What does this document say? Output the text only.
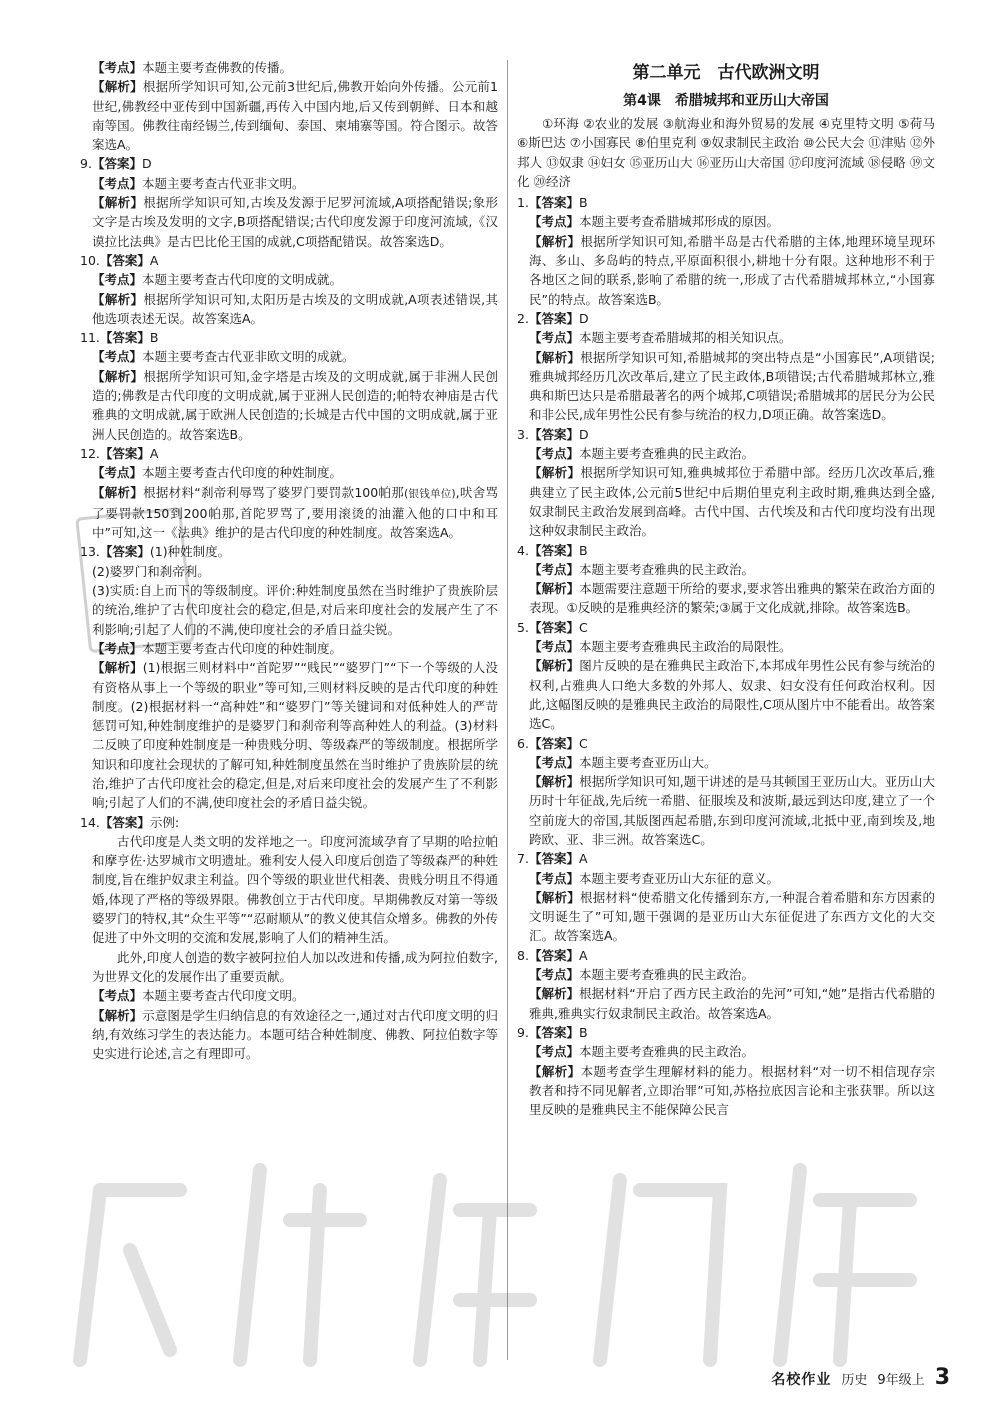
【考点】本题主要考查佛教的传播。

【解析】根据所学知识可知,公元前3世纪后,佛教开始向外传播。公元前1世纪,佛教经中亚传到中国新疆,再传入中国内地,后又传到朝鲜、日本和越南等国。佛教往南经锡兰,传到缅甸、泰国、柬埔寨等国。符合图示。故答案选A。

9.【答案】D

【考点】本题主要考查古代亚非文明。

【解析】根据所学知识可知,古埃及发源于尼罗河流域,A项搭配错误;象形文字是古埃及发明的文字,B项搭配错误;古代印度发源于印度河流域,《汉谟拉比法典》是古巴比伦王国的成就,C项搭配错误。故答案选D。

10.【答案】A

【考点】本题主要考查古代印度的文明成就。

【解析】根据所学知识可知,太阳历是古埃及的文明成就,A项表述错误,其他选项表述无误。故答案选A。

11.【答案】B

【考点】本题主要考查古代亚非欧文明的成就。

【解析】根据所学知识可知,金字塔是古埃及的文明成就,属于非洲人民创造的;佛教是古代印度的文明成就,属于亚洲人民创造的;帕特农神庙是古代雅典的文明成就,属于欧洲人民创造的;长城是古代中国的文明成就,属于亚洲人民创造的。故答案选B。

12.【答案】A

【考点】本题主要考查古代印度的种姓制度。

【解析】根据材料“刹帝利辱骂了婆罗门要罚款100帕那(银钱单位),吠舍骂了要罚款150到200帕那,首陀罗骂了,要用滚烫的油灌入他的口中和耳中”可知,这一《法典》维护的是古代印度的种姓制度。故答案选A。

13.【答案】(1)种姓制度。

(2)婆罗门和刹帝利。

(3)实质:自上而下的等级制度。评价:种姓制度虽然在当时维护了贵族阶层的统治,维护了古代印度社会的稳定,但是,对后来印度社会的发展产生了不利影响;引起了人们的不满,使印度社会的矛盾日益尖锐。

【考点】本题主要考查古代印度的种姓制度。

【解析】(1)根据三则材料中“首陀罗”“贱民”“婆罗门”“下一个等级的人没有资格从事上一个等级的职业”等可知,三则材料反映的是古代印度的种姓制度。(2)根据材料一“高种姓”和“婆罗门”等关键词和对低种姓人的严苛惩罚可知,种姓制度维护的是婆罗门和刹帝利等高种姓人的利益。(3)材料二反映了印度种姓制度是一种贵贱分明、等级森严的等级制度。根据所学知识和印度社会现状的了解可知,种姓制度虽然在当时维护了贵族阶层的统治,维护了古代印度社会的稳定,但是,对后来印度社会的发展产生了不利影响;引起了人们的不满,使印度社会的矛盾日益尖锐。

14.【答案】示例:

古代印度是人类文明的发祥地之一。印度河流域孕育了早期的哈拉帕和摩亨佐·达罗城市文明遗址。雅利安人侵入印度后创造了等级森严的种姓制度,旨在维护奴隶主利益。四个等级的职业世代相袭、贵贱分明且不得通婚,体现了严格的等级界限。佛教创立于古代印度。早期佛教反对第一等级婆罗门的特权,其“众生平等”“忍耐顺从”的教义使其信众增多。佛教的外传促进了中外文明的交流和发展,影响了人们的精神生活。

此外,印度人创造的数字被阿拉伯人加以改进和传播,成为阿拉伯数字,为世界文化的发展作出了重要贡献。

【考点】本题主要考查古代印度文明。

【解析】示意图是学生归纳信息的有效途径之一,通过对古代印度文明的归纳,有效练习学生的表达能力。本题可结合种姓制度、佛教、阿拉伯数字等史实进行论述,言之有理即可。

第二单元　古代欧洲文明
第4课　希腊城邦和亚历山大帝国

①环海 ②农业的发展 ③航海业和海外贸易的发展 ④克里特文明 ⑤荷马 ⑥斯巴达 ⑦小国寡民 ⑧伯里克利 ⑨奴隶制民主政治 ⑩公民大会 ⑪津贴 ⑫外邦人 ⑬奴隶 ⑭妇女 ⑮亚历山大 ⑯亚历山大帝国 ⑰印度河流域 ⑱侵略 ⑲文化 ⑳经济

1.【答案】B

【考点】本题主要考查希腊城邦形成的原因。

【解析】根据所学知识可知,希腊半岛是古代希腊的主体,地理环境呈现环海、多山、多岛屿的特点,平原面积很小,耕地十分有限。这种地形不利于各地区之间的联系,影响了希腊的统一,形成了古代希腊城邦林立,“小国寡民”的特点。故答案选B。

2.【答案】D

【考点】本题主要考查希腊城邦的相关知识点。

【解析】根据所学知识可知,希腊城邦的突出特点是“小国寡民”,A项错误;雅典城邦经历几次改革后,建立了民主政体,B项错误;古代希腊城邦林立,雅典和斯巴达只是希腊最著名的两个城邦,C项错误;希腊城邦的居民分为公民和非公民,成年男性公民有参与统治的权力,D项正确。故答案选D。

3.【答案】D

【考点】本题主要考查雅典的民主政治。

【解析】根据所学知识可知,雅典城邦位于希腊中部。经历几次改革后,雅典建立了民主政体,公元前5世纪中后期伯里克利主政时期,雅典达到全盛,奴隶制民主政治发展到高峰。古代中国、古代埃及和古代印度均没有出现这种奴隶制民主政治。

4.【答案】B

【考点】本题主要考查雅典的民主政治。

【解析】本题需要注意题干所给的要求,要求答出雅典的繁荣在政治方面的表现。①反映的是雅典经济的繁荣;③属于文化成就,排除。故答案选B。

5.【答案】C

【考点】本题主要考查雅典民主政治的局限性。

【解析】图片反映的是在雅典民主政治下,本邦成年男性公民有参与统治的权利,占雅典人口绝大多数的外邦人、奴隶、妇女没有任何政治权利。因此,这幅图反映的是雅典民主政治的局限性,C项从图片中不能看出。故答案选C。

6.【答案】C

【考点】本题主要考查亚历山大。

【解析】根据所学知识可知,题干讲述的是马其顿国王亚历山大。亚历山大历时十年征战,先后统一希腊、征服埃及和波斯,最远到达印度,建立了一个空前庞大的帝国,其版图西起希腊,东到印度河流域,北抵中亚,南到埃及,地跨欧、亚、非三洲。故答案选C。

7.【答案】A

【考点】本题主要考查亚历山大东征的意义。

【解析】根据材料“使希腊文化传播到东方,一种混合着希腊和东方因素的文明诞生了”可知,题干强调的是亚历山大东征促进了东西方文化的大交汇。故答案选A。

8.【答案】A

【考点】本题主要考查雅典的民主政治。

【解析】根据材料“开启了西方民主政治的先河”可知,“她”是指古代希腊的雅典,雅典实行奴隶制民主政治。故答案选A。

9.【答案】B

【考点】本题主要考查雅典的民主政治。

【解析】本题考查学生理解材料的能力。根据材料“对一切不相信现存宗教者和持不同见解者,立即治罪”可知,苏格拉底因言论和主张获罪。所以这里反映的是雅典民主不能保障公民言

名校作业 历史 9年级上 3
